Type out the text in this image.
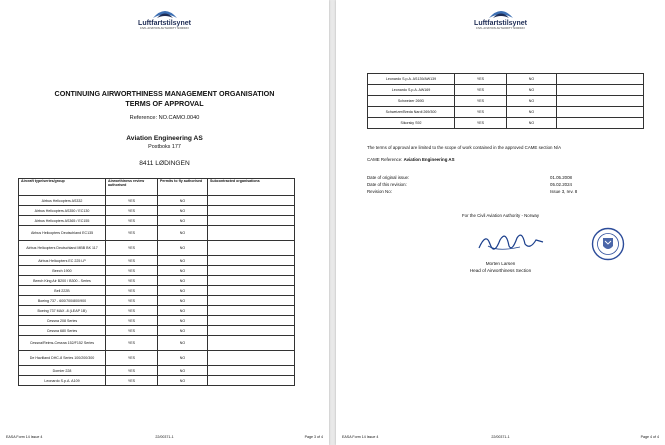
Luftfartstilsynet
CIVIL AVIATION AUTHORITY NORWAY
CONTINUING AIRWORTHINESS MANAGEMENT ORGANISATION
TERMS OF APPROVAL
Reference: NO.CAMO.0040
Aviation Engineering AS
Postboks 177
8411 LØDINGEN
Aircraft type/series/group	Airworthiness review authorised	Permits to fly authorised	Subcontracted organisations
Airbus Helicopters AS332	YES	NO	
Airbus Helicopters AS350 / EC130	YES	NO	
Airbus Helicopters AS365 / EC155	YES	NO	
Airbus Helicopters Deutschland EC135	YES	NO	
Airbus Helicopters Deutschland MBB BK 117	YES	NO	
Airbus Helicopters EC 225 LP	YES	NO	
Beech 1900	YES	NO	
Beech King Air B200 / B300 - Series	YES	NO	
Bell 222B	YES	NO	
Boeing 737 - 600/700/800/900	YES	NO	
Boeing 737 MAX -8 (LEAP 1B)	YES	NO	
Cessna 208 Series	YES	NO	
Cessna 680 Series	YES	NO	
Cessna/Reims-Cessna 152/F152 Series	YES	NO	
De Havilland DHC-8 Series 100/200/300	YES	NO	
Dornier 228	YES	NO	
Leonardo S.p.A. A109	YES	NO	
EASA Form 14 Issue 4	22/00371-1	Page 3 of 4
Luftfartstilsynet
CIVIL AVIATION AUTHORITY NORWAY
Leonardo S.p.A. AS139/AW139	YES	NO	
Leonardo S.p.A. AW169	YES	NO	
Schweizer 269D	YES	NO	
Schweizer/Breda Nardi 269/300	YES	NO	
Sikorsky S92	YES	NO	
The terms of approval are limited to the scope of work contained in the approved CAME section N/A
CAME Reference: Aviation Engineering AS
Date of original issue:	01.05.2008
Date of this revision:	05.02.2024
Revision No:	Issue 3, rev. 8
For the Civil Aviation Authority - Norway
Morten Larsen
Head of Airworthiness Section
EASA Form 14 Issue 4	22/00371-1	Page 4 of 4
